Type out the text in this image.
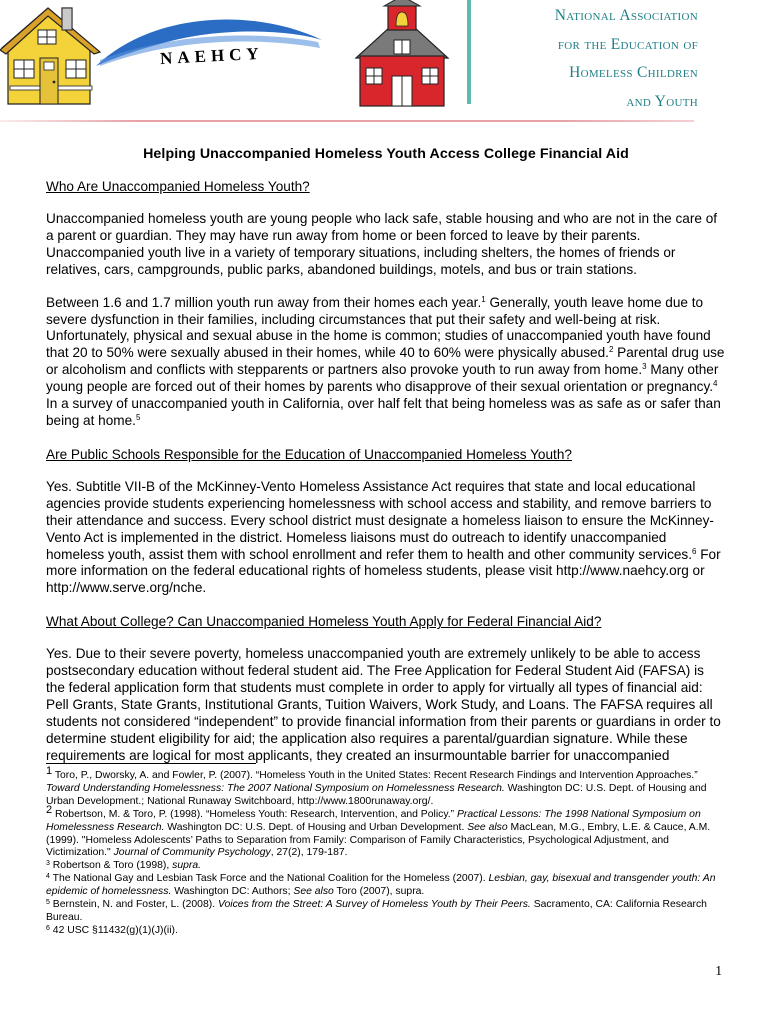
NAEHCY
National Association
for the Education of
Homeless Children
and Youth
Helping Unaccompanied Homeless Youth Access College Financial Aid

Who Are Unaccompanied Homeless Youth?

Unaccompanied homeless youth are young people who lack safe, stable housing and who are not in the care of a parent or guardian. They may have run away from home or been forced to leave by their parents. Unaccompanied youth live in a variety of temporary situations, including shelters, the homes of friends or relatives, cars, campgrounds, public parks, abandoned buildings, motels, and bus or train stations.

Between 1.6 and 1.7 million youth run away from their homes each year.$^1$ Generally, youth leave home due to severe dysfunction in their families, including circumstances that put their safety and well-being at risk. Unfortunately, physical and sexual abuse in the home is common; studies of unaccompanied youth have found that 20 to 50% were sexually abused in their homes, while 40 to 60% were physically abused.$^2$ Parental drug use or alcoholism and conflicts with stepparents or partners also provoke youth to run away from home.$^3$ Many other young people are forced out of their homes by parents who disapprove of their sexual orientation or pregnancy.$^4$ In a survey of unaccompanied youth in California, over half felt that being homeless was as safe as or safer than being at home.$^5$

Are Public Schools Responsible for the Education of Unaccompanied Homeless Youth?

Yes. Subtitle VII-B of the McKinney-Vento Homeless Assistance Act requires that state and local educational agencies provide students experiencing homelessness with school access and stability, and remove barriers to their attendance and success. Every school district must designate a homeless liaison to ensure the McKinney-Vento Act is implemented in the district. Homeless liaisons must do outreach to identify unaccompanied homeless youth, assist them with school enrollment and refer them to health and other community services.$^6$ For more information on the federal educational rights of homeless students, please visit http://www.naehcy.org or http://www.serve.org/nche.

What About College? Can Unaccompanied Homeless Youth Apply for Federal Financial Aid?

Yes. Due to their severe poverty, homeless unaccompanied youth are extremely unlikely to be able to access postsecondary education without federal student aid. The Free Application for Federal Student Aid (FAFSA) is the federal application form that students must complete in order to apply for virtually all types of financial aid: Pell Grants, State Grants, Institutional Grants, Tuition Waivers, Work Study, and Loans. The FAFSA requires all students not considered “independent” to provide financial information from their parents or guardians in order to determine student eligibility for aid; the application also requires a parental/guardian signature. While these requirements are logical for most applicants, they created an insurmountable barrier for unaccompanied

$^1$ Toro, P., Dworsky, A. and Fowler, P. (2007). “Homeless Youth in the United States: Recent Research Findings and Intervention Approaches.” Toward Understanding Homelessness: The 2007 National Symposium on Homelessness Research. Washington DC: U.S. Dept. of Housing and Urban Development.; National Runaway Switchboard, http://www.1800runaway.org/.

$^2$ Robertson, M. & Toro, P. (1998). “Homeless Youth: Research, Intervention, and Policy.” Practical Lessons: The 1998 National Symposium on Homelessness Research. Washington DC: U.S. Dept. of Housing and Urban Development. See also MacLean, M.G., Embry, L.E. & Cauce, A.M. (1999). "Homeless Adolescents’ Paths to Separation from Family: Comparison of Family Characteristics, Psychological Adjustment, and Victimization." Journal of Community Psychology, 27(2), 179-187.

$^3$ Robertson & Toro (1998), supra.

$^4$ The National Gay and Lesbian Task Force and the National Coalition for the Homeless (2007). Lesbian, gay, bisexual and transgender youth: An epidemic of homelessness. Washington DC: Authors; See also Toro (2007), supra.

$^5$ Bernstein, N. and Foster, L. (2008). Voices from the Street: A Survey of Homeless Youth by Their Peers. Sacramento, CA: California Research Bureau.

$^6$ 42 USC §11432(g)(1)(J)(ii).

1
